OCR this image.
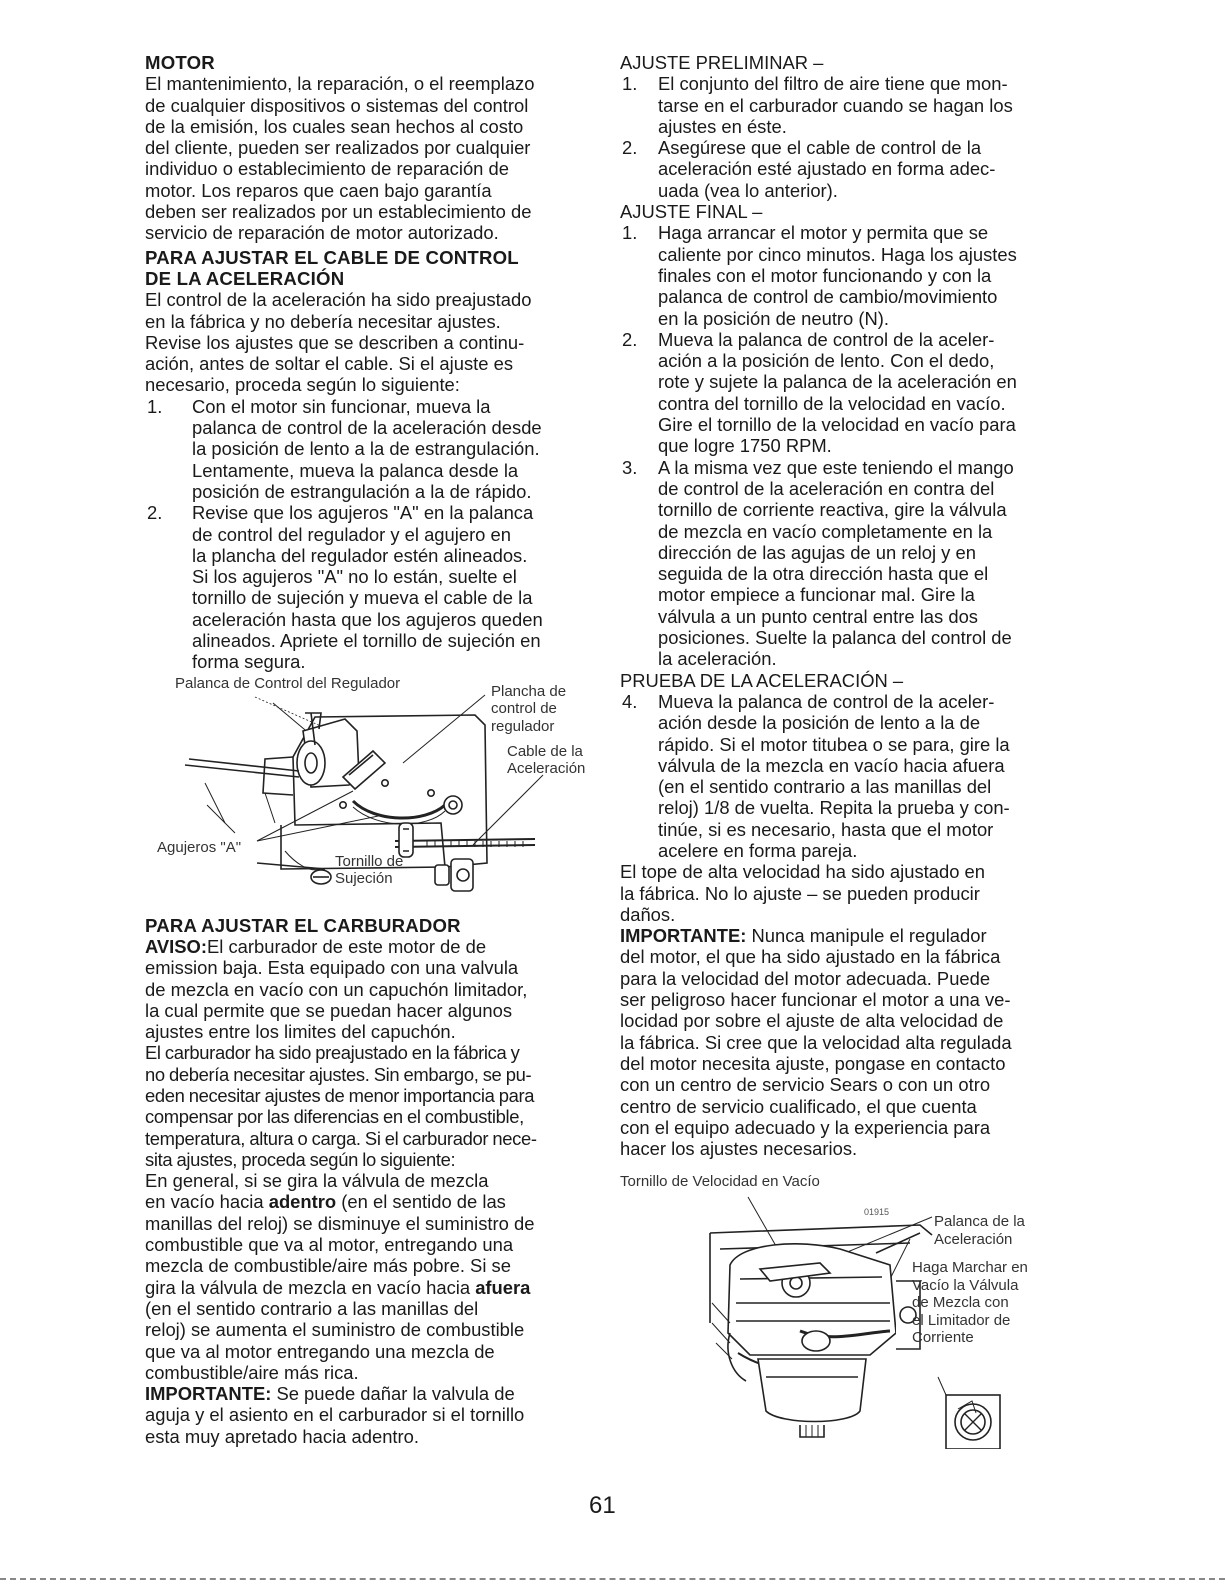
MOTOR

El mantenimiento, la reparación, o el reemplazo

de cualquier dispositivos o sistemas del control

de la emisión, los cuales sean hechos al costo

del cliente, pueden ser realizados por cualquier

individuo o establecimiento de reparación de

motor. Los reparos que caen bajo garantía

deben ser realizados por un establecimiento de

servicio de reparación de motor autorizado.

PARA AJUSTAR EL CABLE DE CONTROL
DE LA ACELERACIÓN

El control de la aceleración ha sido preajustado

en la fábrica y no debería necesitar ajustes.

Revise los ajustes que se describen a continu-

ación, antes de soltar el cable. Si el ajuste es

necesario, proceda según lo siguiente:

1. Con el motor sin funcionar, mueva la
palanca de control de la aceleración desde
la posición de lento a la de estrangulación.
Lentamente, mueva la palanca desde la
posición de estrangulación a la de rápido.
2. Revise que los agujeros "A" en la palanca
de control del regulador y el agujero en
la plancha del regulador estén alineados.
Si los agujeros "A" no lo están, suelte el
tornillo de sujeción y mueva el cable de la
aceleración hasta que los agujeros queden
alineados. Apriete el tornillo de sujeción en
forma segura.
Palanca de Control del Regulador	Plancha de
control de
regulador
Cable de la
Aceleración
Agujeros "A"
Tornillo de
Sujeción
PARA AJUSTAR EL CARBURADOR

AVISO:El carburador de este motor de de

emission baja. Esta equipado con una valvula

de mezcla en vacío con un capuchón limitador,

la cual permite que se puedan hacer algunos

ajustes entre los limites del capuchón.

El carburador ha sido preajustado en la fábrica y

no debería necesitar ajustes. Sin embargo, se pu-

eden necesitar ajustes de menor importancia para

compensar por las diferencias en el combustible,

temperatura, altura o carga. Si el carburador nece-

sita ajustes, proceda según lo siguiente:

En general, si se gira la válvula de mezcla

en vacío hacia adentro (en el sentido de las

manillas del reloj) se disminuye el suministro de

combustible que va al motor, entregando una

mezcla de combustible/aire más pobre. Si se

gira la válvula de mezcla en vacío hacia afuera

(en el sentido contrario a las manillas del

reloj) se aumenta el suministro de combustible

que va al motor entregando una mezcla de

combustible/aire más rica.

IMPORTANTE: Se puede dañar la valvula de

aguja y el asiento en el carburador si el tornillo

esta muy apretado hacia adentro.

AJUSTE PRELIMINAR –

1. El conjunto del filtro de aire tiene que mon-
tarse en el carburador cuando se hagan los
ajustes en éste.
2. Asegúrese que el cable de control de la
aceleración esté ajustado en forma adec-
uada (vea lo anterior).

AJUSTE FINAL –

1. Haga arrancar el motor y permita que se
caliente por cinco minutos. Haga los ajustes
finales con el motor funcionando y con la
palanca de control de cambio/movimiento
en la posición de neutro (N).
2. Mueva la palanca de control de la aceler-
ación a la posición de lento. Con el dedo,
rote y sujete la palanca de la aceleración en
contra del tornillo de la velocidad en vacío.
Gire el tornillo de la velocidad en vacío para
que logre 1750 RPM.
3. A la misma vez que este teniendo el mango
de control de la aceleración en contra del
tornillo de corriente reactiva, gire la válvula
de mezcla en vacío completamente en la
dirección de las agujas de un reloj y en
seguida de la otra dirección hasta que el
motor empiece a funcionar mal. Gire la
válvula a un punto central entre las dos
posiciones. Suelte la palanca del control de
la aceleración.

PRUEBA DE LA ACELERACIÓN –

4. Mueva la palanca de control de la aceler-
ación desde la posición de lento a la de
rápido. Si el motor titubea o se para, gire la
válvula de la mezcla en vacío hacia afuera
(en el sentido contrario a las manillas del
reloj) 1/8 de vuelta. Repita la prueba y con-
tinúe, si es necesario, hasta que el motor
acelere en forma pareja.

El tope de alta velocidad ha sido ajustado en

la fábrica. No lo ajuste – se pueden producir

daños.

IMPORTANTE: Nunca manipule el regulador

del motor, el que ha sido ajustado en la fábrica

para la velocidad del motor adecuada. Puede

ser peligroso hacer funcionar el motor a una ve-

locidad por sobre el ajuste de alta velocidad de

la fábrica. Si cree que la velocidad alta regulada

del motor necesita ajuste, pongase en contacto

con un centro de servicio Sears o con un otro

centro de servicio cualificado, el que cuenta

con el equipo adecuado y la experiencia para

hacer los ajustes necesarios.

Tornillo de Velocidad en Vacío
01915
Palanca de la
Aceleración
Haga Marchar en
Vacío la Válvula
de Mezcla con
el Limitador de
Corriente
61
